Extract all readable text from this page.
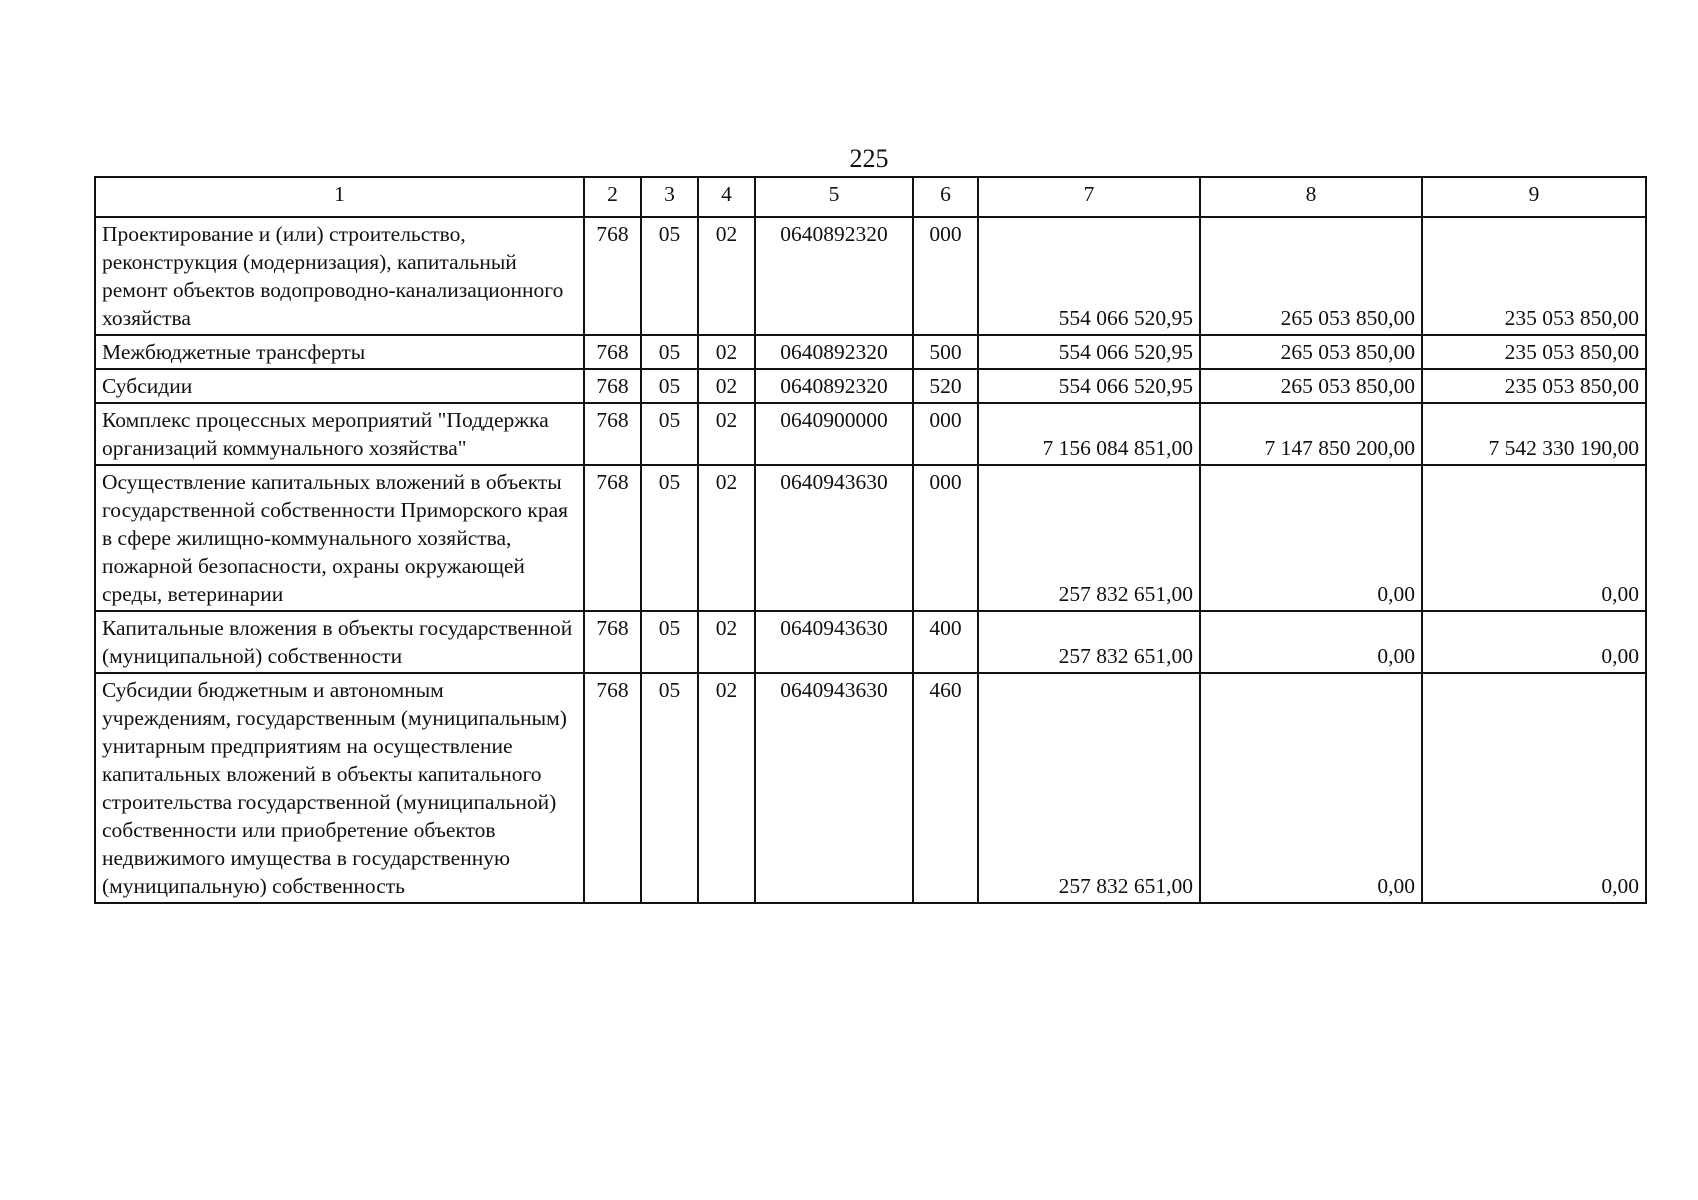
225
1	2	3	4	5	6	7	8	9
Проектирование и (или) строительство, реконструкция (модернизация), капитальный ремонт объектов водопроводно-канализационного хозяйства	768	05	02	0640892320	000	554 066 520,95	265 053 850,00	235 053 850,00
Межбюджетные трансферты	768	05	02	0640892320	500	554 066 520,95	265 053 850,00	235 053 850,00
Субсидии	768	05	02	0640892320	520	554 066 520,95	265 053 850,00	235 053 850,00
Комплекс процессных мероприятий "Поддержка организаций коммунального хозяйства"	768	05	02	0640900000	000	7 156 084 851,00	7 147 850 200,00	7 542 330 190,00
Осуществление капитальных вложений в объекты государственной собственности Приморского края в сфере жилищно-коммунального хозяйства, пожарной безопасности, охраны окружающей среды, ветеринарии	768	05	02	0640943630	000	257 832 651,00	0,00	0,00
Капитальные вложения в объекты государственной (муниципальной) собственности	768	05	02	0640943630	400	257 832 651,00	0,00	0,00
Субсидии бюджетным и автономным учреждениям, государственным (муниципальным) унитарным предприятиям на осуществление капитальных вложений в объекты капитального строительства государственной (муниципальной) собственности или приобретение объектов недвижимого имущества в государственную (муниципальную) собственность	768	05	02	0640943630	460	257 832 651,00	0,00	0,00
